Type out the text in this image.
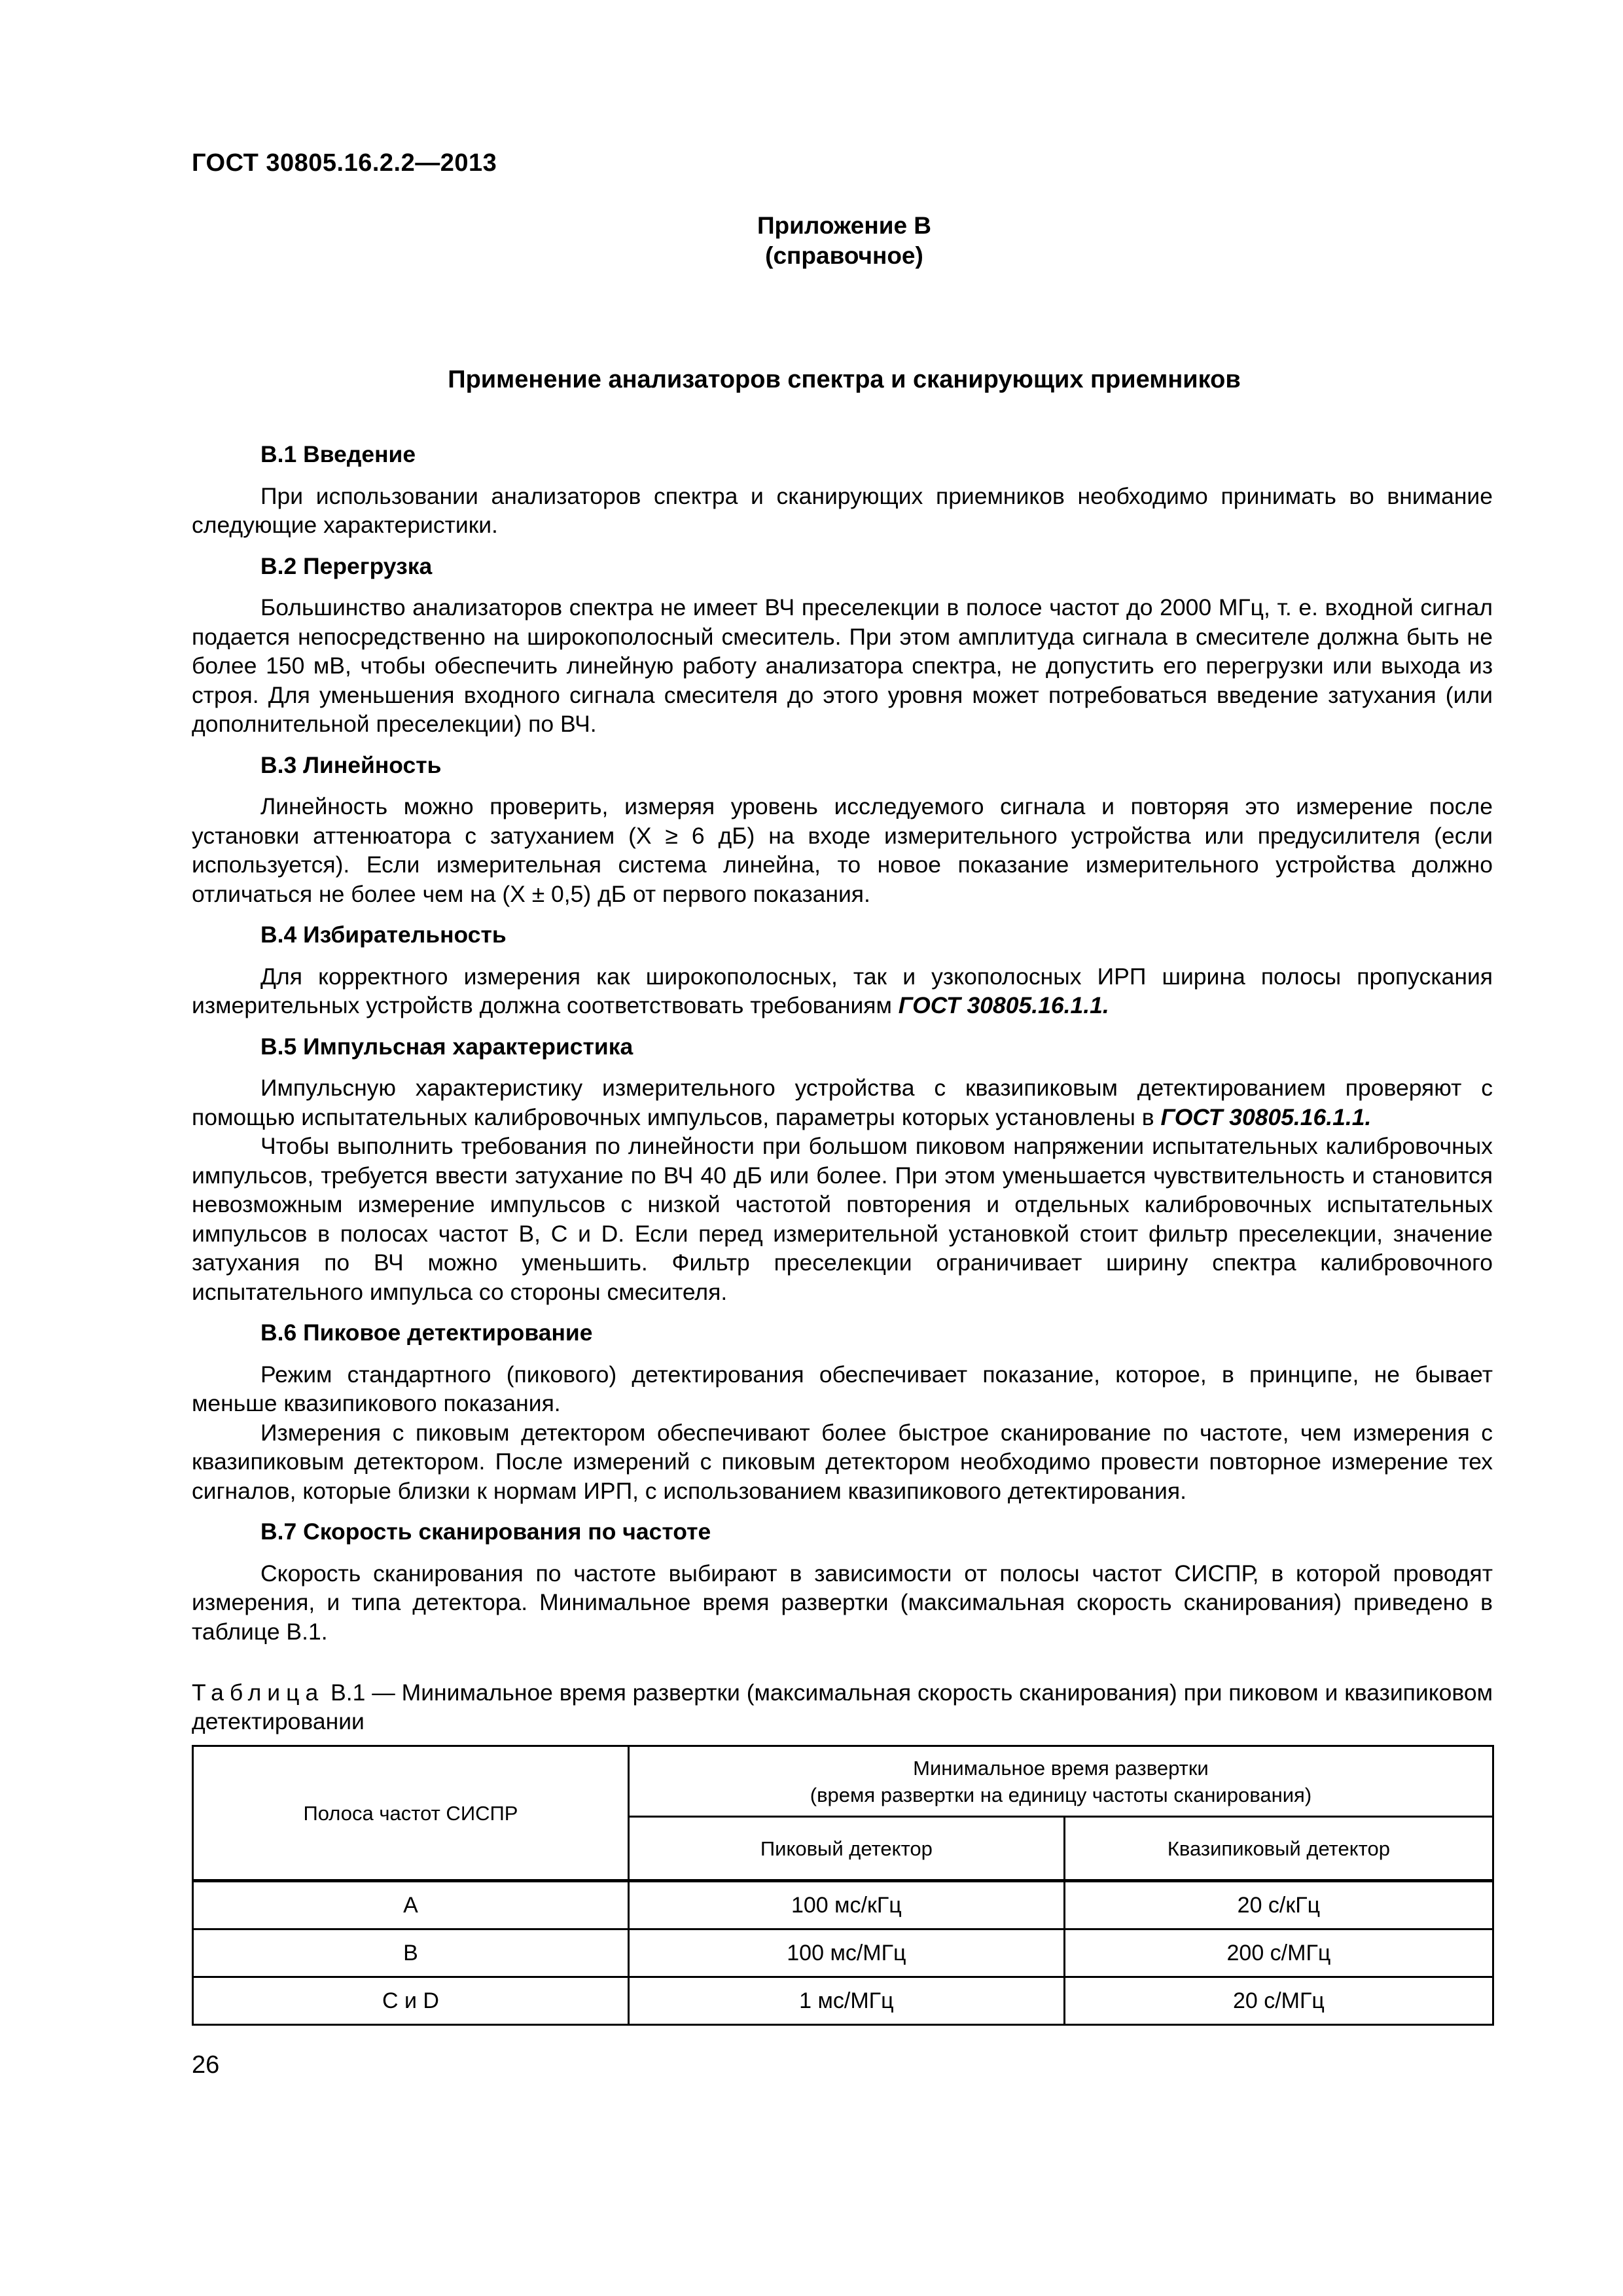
ГОСТ 30805.16.2.2—2013
Приложение В
(справочное)
Применение анализаторов спектра и сканирующих приемников
В.1 Введение

При использовании анализаторов спектра и сканирующих приемников необходимо принимать во внимание следующие характеристики.

В.2 Перегрузка

Большинство анализаторов спектра не имеет ВЧ преселекции в полосе частот до 2000 МГц, т. е. входной сигнал подается непосредственно на широкополосный смеситель. При этом амплитуда сигнала в смесителе должна быть не более 150 мВ, чтобы обеспечить линейную работу анализатора спектра, не допустить его перегрузки или выхода из строя. Для уменьшения входного сигнала смесителя до этого уровня может потребоваться введение затухания (или дополнительной преселекции) по ВЧ.

В.3 Линейность

Линейность можно проверить, измеряя уровень исследуемого сигнала и повторяя это измерение после установки аттенюатора с затуханием (X ≥ 6 дБ) на входе измерительного устройства или предусилителя (если используется). Если измерительная система линейна, то новое показание измерительного устройства должно отличаться не более чем на (X ± 0,5) дБ от первого показания.

В.4 Избирательность

Для корректного измерения как широкополосных, так и узкополосных ИРП ширина полосы пропускания измерительных устройств должна соответствовать требованиям ГОСТ 30805.16.1.1.

В.5 Импульсная характеристика

Импульсную характеристику измерительного устройства с квазипиковым детектированием проверяют с помощью испытательных калибровочных импульсов, параметры которых установлены в ГОСТ 30805.16.1.1.

Чтобы выполнить требования по линейности при большом пиковом напряжении испытательных калибровочных импульсов, требуется ввести затухание по ВЧ 40 дБ или более. При этом уменьшается чувствительность и становится невозможным измерение импульсов с низкой частотой повторения и отдельных калибровочных испытательных импульсов в полосах частот В, С и D. Если перед измерительной установкой стоит фильтр преселекции, значение затухания по ВЧ можно уменьшить. Фильтр преселекции ограничивает ширину спектра калибровочного испытательного импульса со стороны смесителя.

В.6 Пиковое детектирование

Режим стандартного (пикового) детектирования обеспечивает показание, которое, в принципе, не бывает меньше квазипикового показания.

Измерения с пиковым детектором обеспечивают более быстрое сканирование по частоте, чем измерения с квазипиковым детектором. После измерений с пиковым детектором необходимо провести повторное измерение тех сигналов, которые близки к нормам ИРП, с использованием квазипикового детектирования.

В.7 Скорость сканирования по частоте

Скорость сканирования по частоте выбирают в зависимости от полосы частот СИСПР, в которой проводят измерения, и типа детектора. Минимальное время развертки (максимальная скорость сканирования) приведено в таблице В.1.

Таблица В.1 — Минимальное время развертки (максимальная скорость сканирования) при пиковом и квазипиковом детектировании
Полоса частот СИСПР	Минимальное время развертки
(время развертки на единицу частоты сканирования)	

	Пиковый детектор	Квазипиковый детектор
A	100 мс/кГц	20 с/кГц
B	100 мс/МГц	200 с/МГц
C и D	1 мс/МГц	20 с/МГц
26
